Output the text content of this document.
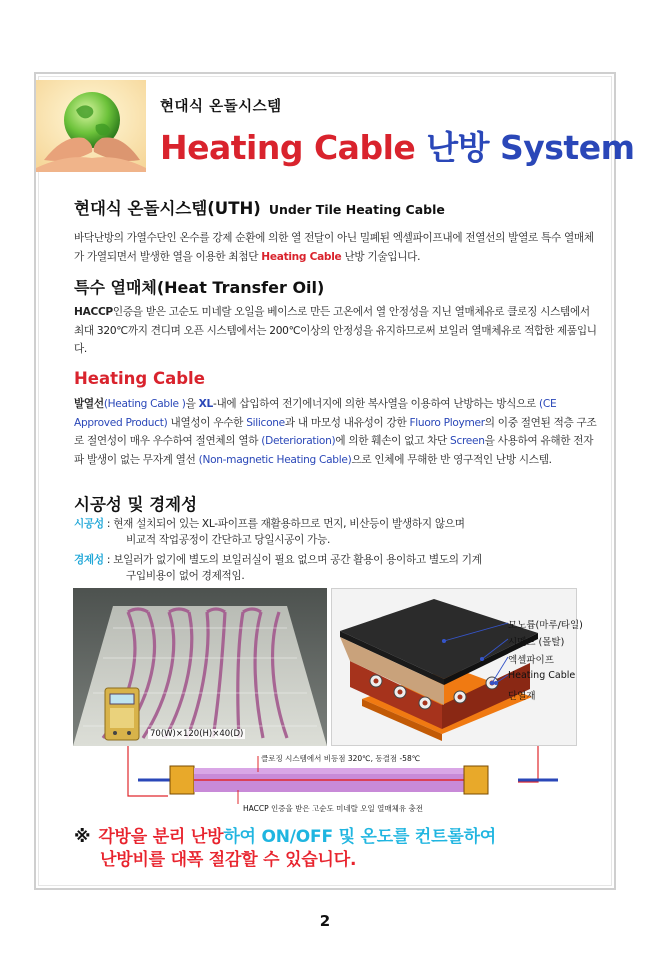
현대식 온돌시스템
Heating Cable 난방 System
현대식 온돌시스템(UTH) Under Tile Heating Cable
바닥난방의 가열수단인 온수를 강제 순환에 의한 열 전달이 아닌 밀폐된 엑셀파이프내에 전열선의 발열로 특수 열매체가 가열되면서 발생한 열을 이용한 최첨단 Heating Cable 난방 기술입니다.
특수 열매체(Heat Transfer Oil)
HACCP인증을 받은 고순도 미네랄 오일을 베이스로 만든 고온에서 열 안정성을 지닌 열매체유로 클로징 시스템에서 최대 320℃까지 견디며 오픈 시스템에서는 200℃이상의 안정성을 유지하므로써 보일러 열매체유로 적합한 제품입니다.
Heating Cable
발열선(Heating Cable )을 XL-내에 삽입하여 전기에너지에 의한 복사열을 이용하여 난방하는 방식으로 (CE Approved Product) 내열성이 우수한 Silicone과 내 마모성 내유성이 강한 Fluoro Ploymer의 이중 절연된 적층 구조로 절연성이 매우 우수하여 절연체의 열하 (Deterioration)에 의한 훼손이 없고 차단 Screen을 사용하여 유해한 전자파 발생이 없는 무자계 열선 (Non-magnetic Heating Cable)으로 인체에 무해한 반 영구적인 난방 시스템.
시공성 및 경제성
시공성 : 현재 설치되어 있는 XL-파이프를 재활용하므로 먼지, 비산등이 발생하지 않으며
비교적 작업공정이 간단하고 당일시공이 가능.
경제성 : 보일러가 없기에 별도의 보일러실이 필요 없으며 공간 활용이 용이하고 별도의 기계
구입비용이 없어 경제적임.
70(W)×120(H)×40(D)
모노륨(마루/타일)
시멘트 (몰탈)
엑셀파이프
Heating Cable
단열재
클로징 시스템에서 비등점 320℃, 동결점 -58℃
HACCP 인증을 받은 고순도 미네랄 오일 열매체유 충전
※ 각방을 분리 난방하여 ON/OFF 및 온도를 컨트롤하여
난방비를 대폭 절감할 수 있습니다.
2
